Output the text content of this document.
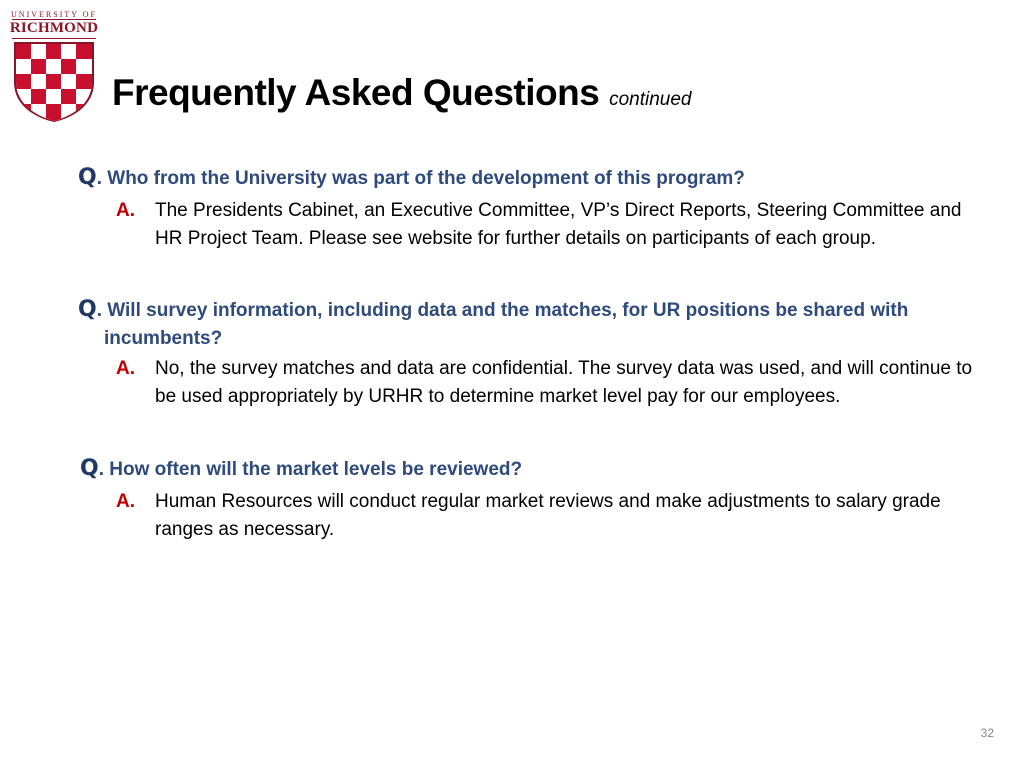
UNIVERSITY OF
RICHMOND
Frequently Asked Questions continued
Q. Who from the University was part of the development of this program?
A. The Presidents Cabinet, an Executive Committee, VP’s Direct Reports, Steering Committee and HR Project Team. Please see website for further details on participants of each group.
Q. Will survey information, including data and the matches, for UR positions be shared with incumbents?
A. No, the survey matches and data are confidential. The survey data was used, and will continue to be used appropriately by URHR to determine market level pay for our employees.
Q. How often will the market levels be reviewed?
A. Human Resources will conduct regular market reviews and make adjustments to salary grade ranges as necessary.
32
